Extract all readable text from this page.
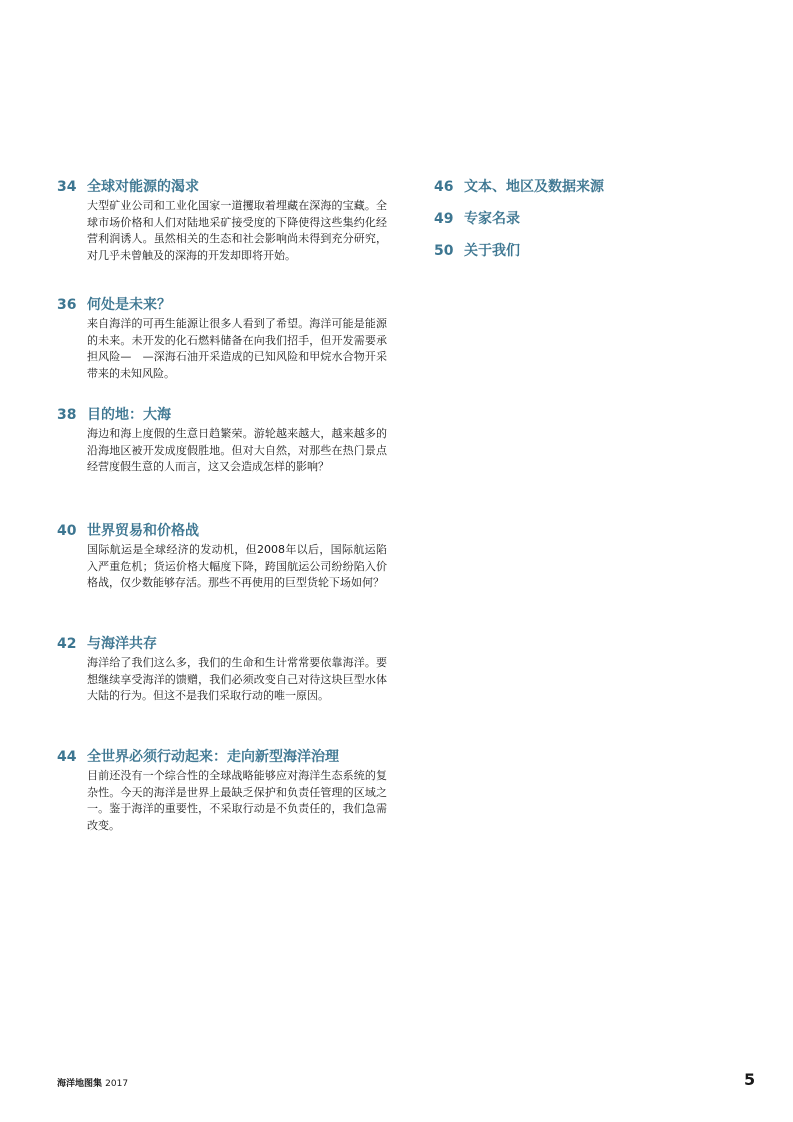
34 全球对能源的渴求
大型矿业公司和工业化国家一道攫取着埋藏在深海的宝藏。全球市场价格和人们对陆地采矿接受度的下降使得这些集约化经营利润诱人。虽然相关的生态和社会影响尚未得到充分研究，对几乎未曾触及的深海的开发却即将开始。
36 何处是未来？
来自海洋的可再生能源让很多人看到了希望。海洋可能是能源的未来。未开发的化石燃料储备在向我们招手，但开发需要承担风险—　—深海石油开采造成的已知风险和甲烷水合物开采带来的未知风险。
38 目的地：大海
海边和海上度假的生意日趋繁荣。游轮越来越大，越来越多的沿海地区被开发成度假胜地。但对大自然，对那些在热门景点经营度假生意的人而言，这又会造成怎样的影响？
40 世界贸易和价格战
国际航运是全球经济的发动机，但2008年以后，国际航运陷入严重危机；货运价格大幅度下降，跨国航运公司纷纷陷入价格战，仅少数能够存活。那些不再使用的巨型货轮下场如何？
42 与海洋共存
海洋给了我们这么多，我们的生命和生计常常要依靠海洋。要想继续享受海洋的馈赠，我们必须改变自己对待这块巨型水体大陆的行为。但这不是我们采取行动的唯一原因。
44 全世界必须行动起来：走向新型海洋治理
目前还没有一个综合性的全球战略能够应对海洋生态系统的复杂性。今天的海洋是世界上最缺乏保护和负责任管理的区域之一。鉴于海洋的重要性，不采取行动是不负责任的，我们急需改变。
46 文本、地区及数据来源
49 专家名录
50 关于我们
海洋地图集 2017	5
